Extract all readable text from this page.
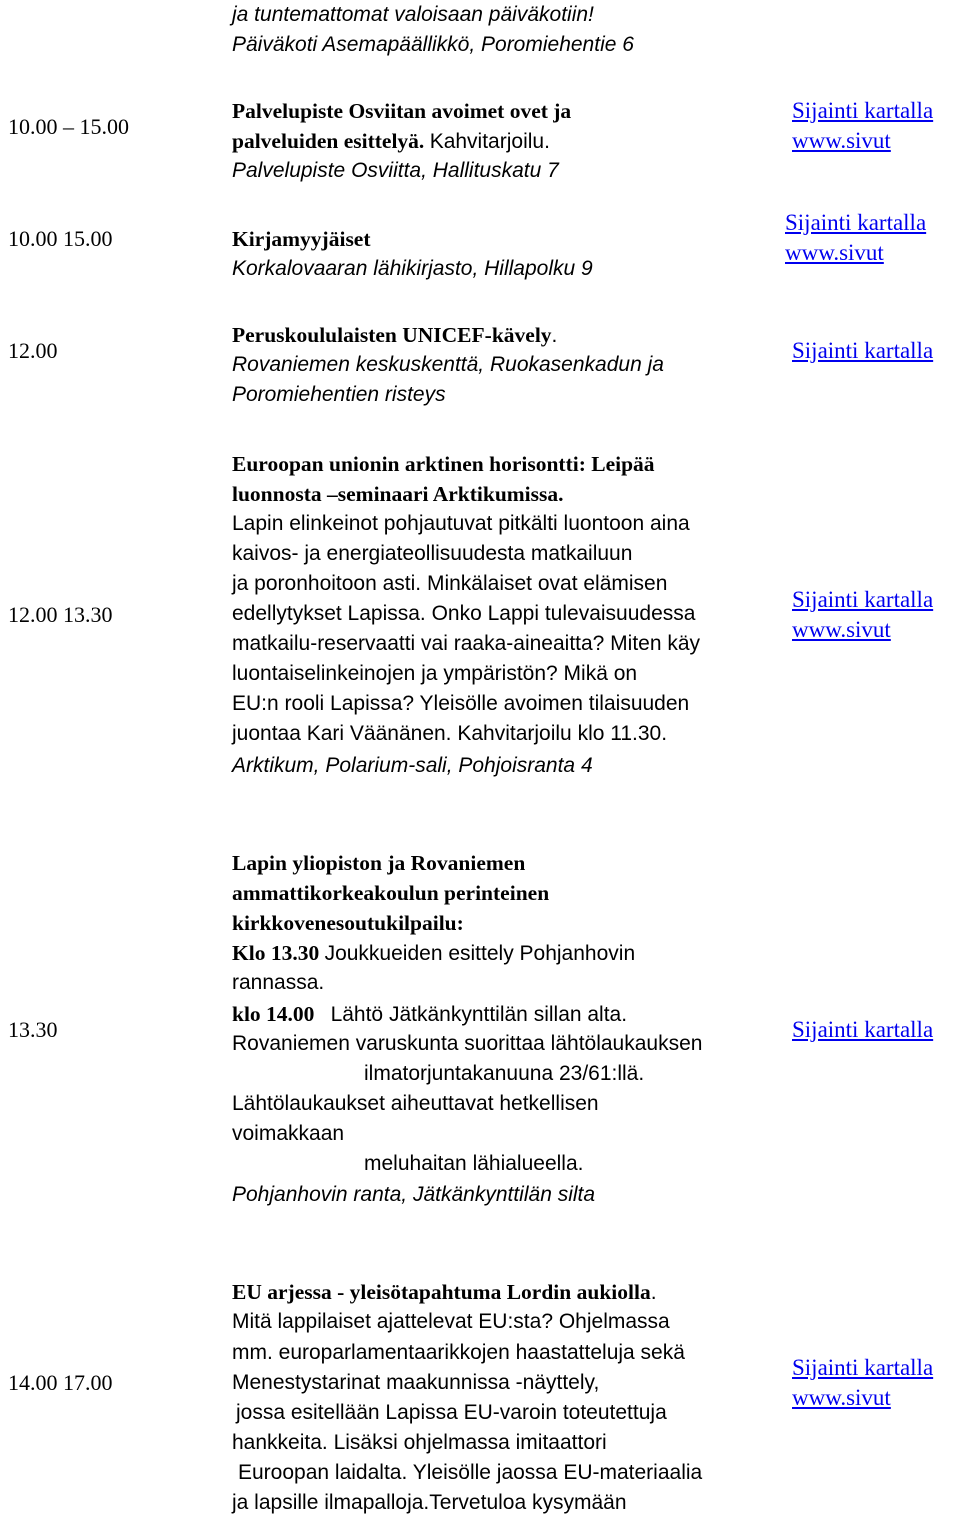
ja tuntemattomat valoisaan päiväkotiin!
Päiväkoti Asemapäällikkö, Poromiehentie 6
10.00 – 15.00
Palvelupiste Osviitan avoimet ovet ja
palveluiden esittelyä. Kahvitarjoilu.
Palvelupiste Osviitta, Hallituskatu 7
Sijainti kartalla
www.sivut
10.00 15.00	Kirjamyyjäiset
Korkalovaaran lähikirjasto, Hillapolku 9
Sijainti kartalla
www.sivut
12.00
Peruskoululaisten UNICEF-kävely.
Rovaniemen keskuskenttä, Ruokasenkadun ja
Poromiehentien risteys
Sijainti kartalla
12.00 13.30
Euroopan unionin arktinen horisontti: Leipää
luonnosta –seminaari Arktikumissa.
Lapin elinkeinot pohjautuvat pitkälti luontoon aina
kaivos- ja energiateollisuudesta matkailuun
ja poronhoitoon asti. Minkälaiset ovat elämisen
edellytykset Lapissa. Onko Lappi tulevaisuudessa
matkailu-reservaatti vai raaka-aineaitta? Miten käy
luontaiselinkeinojen ja ympäristön? Mikä on
EU:n rooli Lapissa? Yleisölle avoimen tilaisuuden
juontaa Kari Väänänen. Kahvitarjoilu klo 11.30.
Arktikum, Polarium-sali, Pohjoisranta 4
Sijainti kartalla
www.sivut
13.30
Lapin yliopiston ja Rovaniemen
ammattikorkeakoulun perinteinen
kirkkovenesoutukilpailu:
Klo 13.30 Joukkueiden esittely Pohjanhovin
rannassa.
klo 14.00 Lähtö Jätkänkynttilän sillan alta.
Rovaniemen varuskunta suorittaa lähtölaukauksen
ilmatorjuntakanuuna 23/61:llä.
Lähtölaukaukset aiheuttavat hetkellisen
voimakkaan
meluhaitan lähialueella.
Pohjanhovin ranta, Jätkänkynttilän silta
Sijainti kartalla
14.00 17.00
EU arjessa - yleisötapahtuma Lordin aukiolla.
Mitä lappilaiset ajattelevat EU:sta? Ohjelmassa
mm. europarlamentaarikkojen haastatteluja sekä
Menestystarinat maakunnissa -näyttely,
jossa esitellään Lapissa EU-varoin toteutettuja
hankkeita. Lisäksi ohjelmassa imitaattori
Euroopan laidalta. Yleisölle jaossa EU-materiaalia
ja lapsille ilmapalloja.Tervetuloa kysymään
Sijainti kartalla
www.sivut
